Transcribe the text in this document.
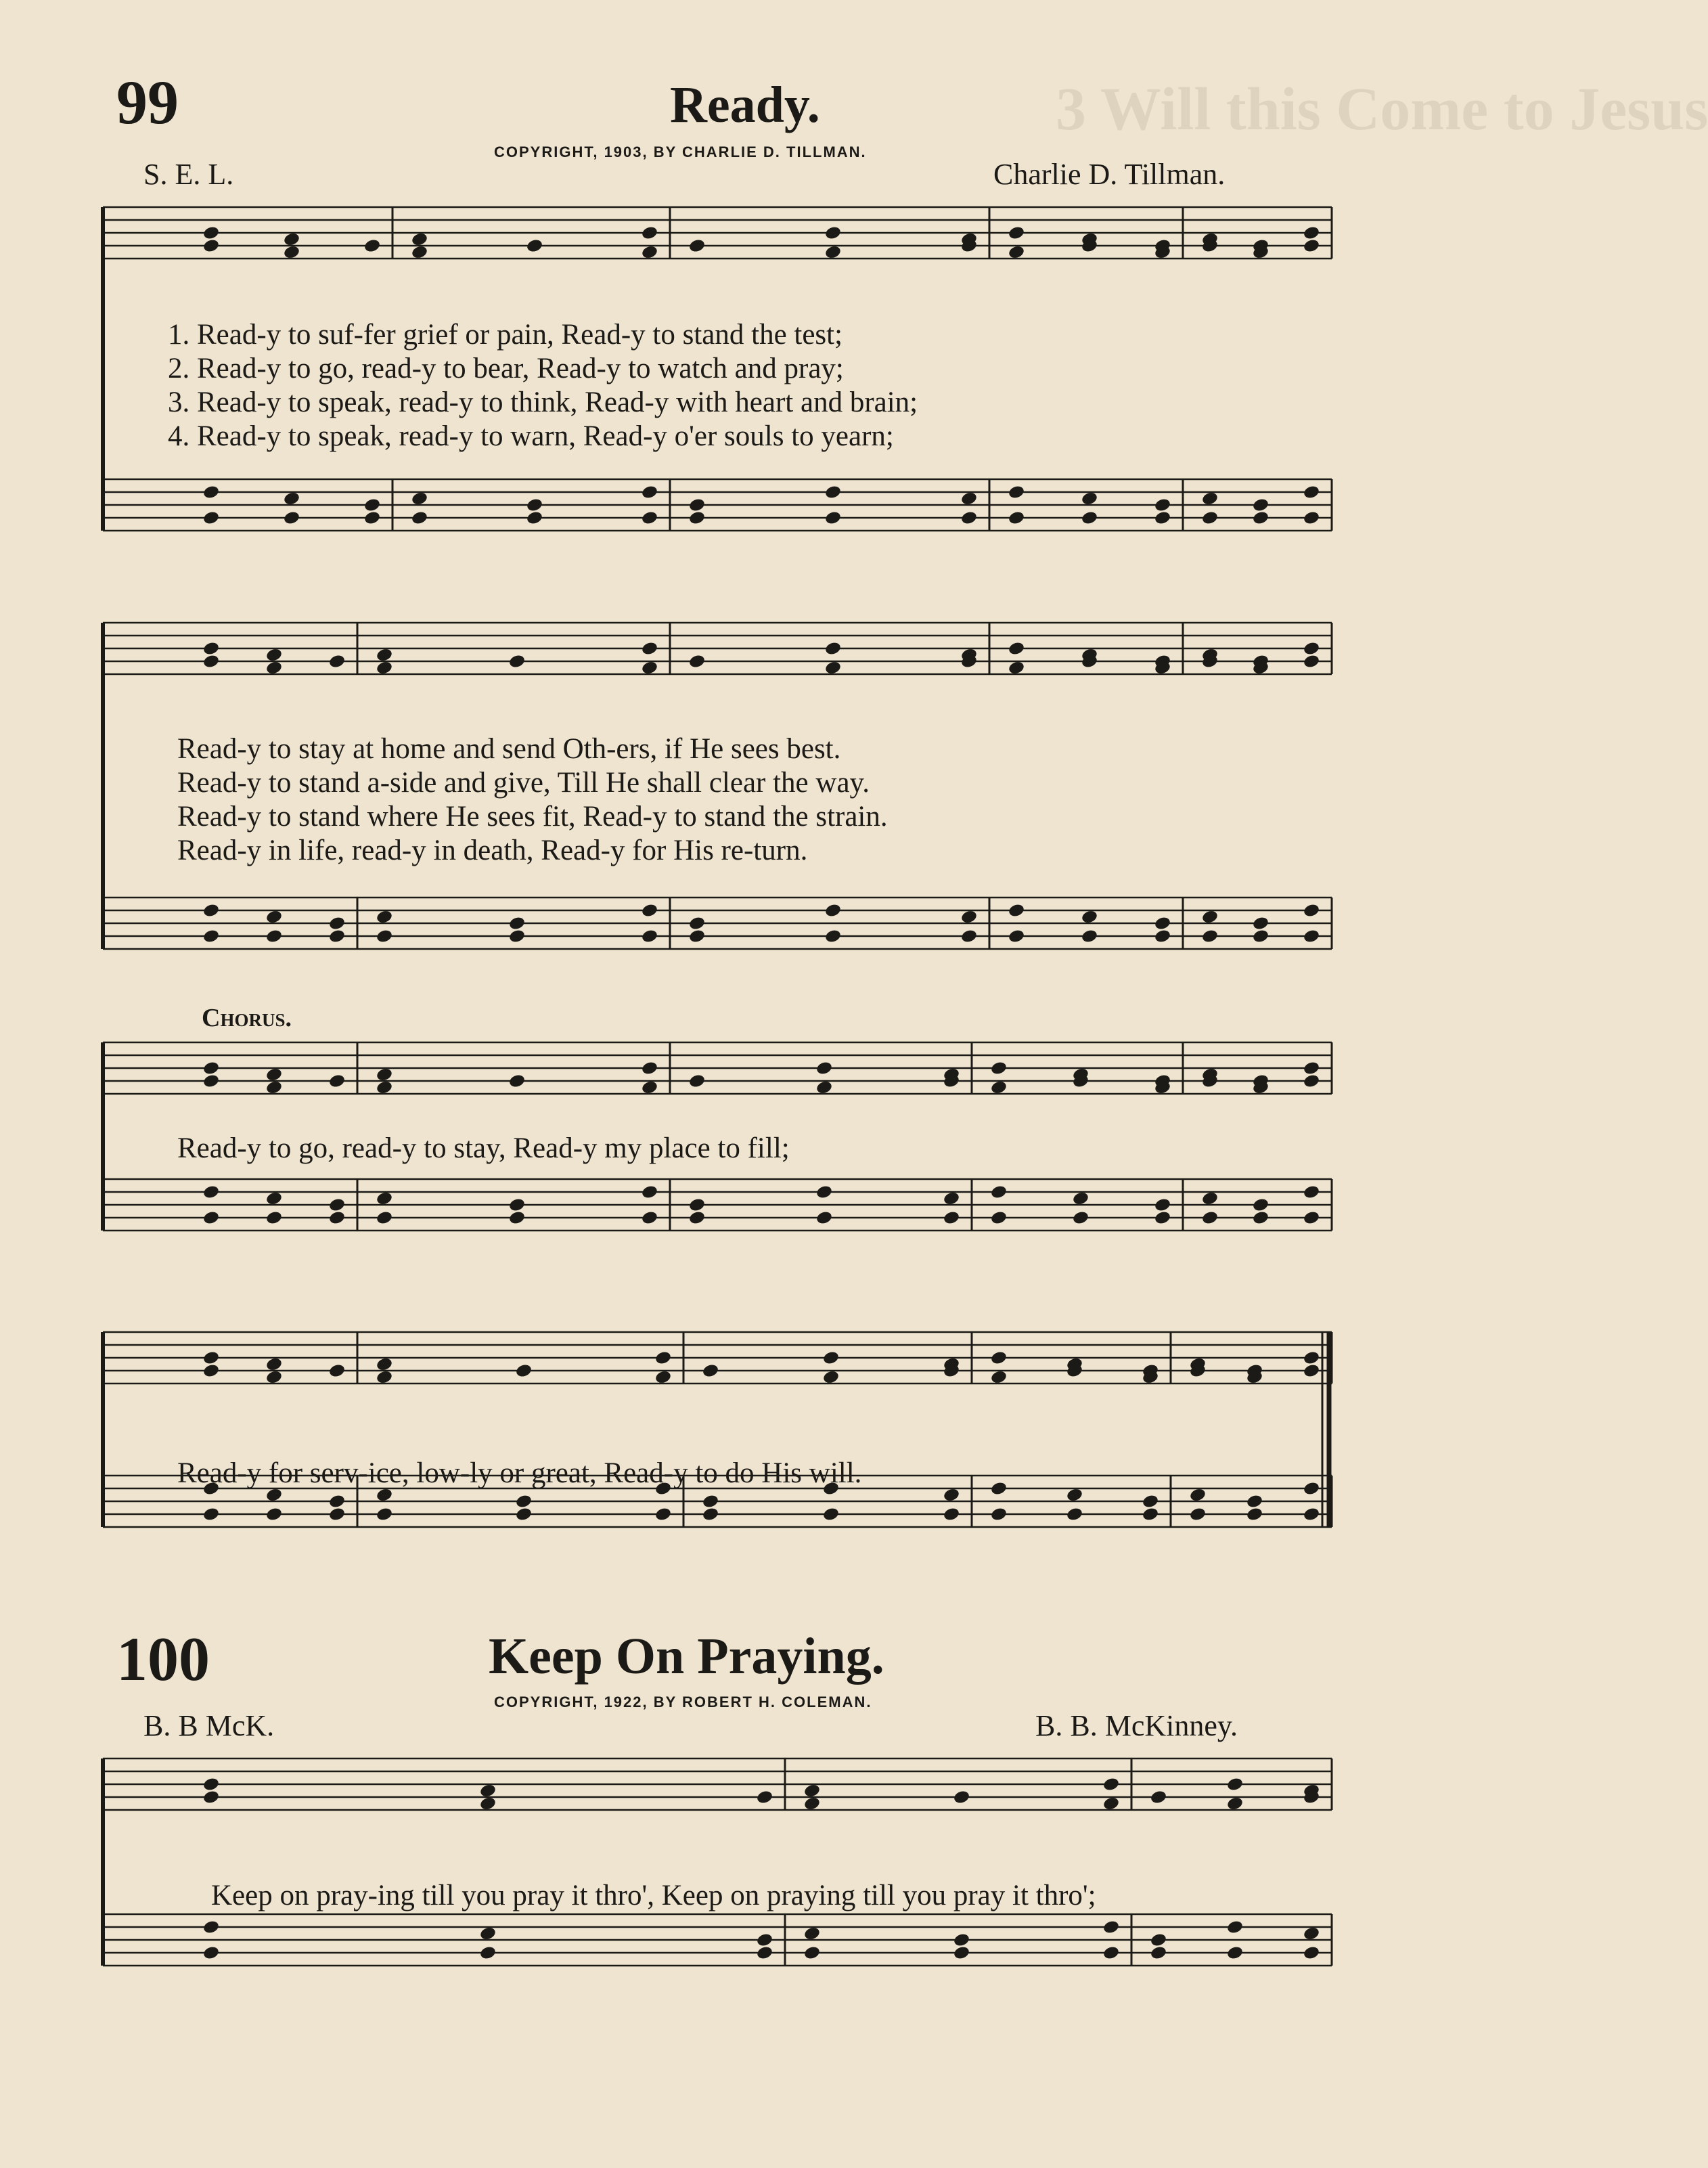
3 Will this Come to Jesus
99	Ready.
COPYRIGHT, 1903, BY CHARLIE D. TILLMAN.
S. E. L.	Charlie D. Tillman.
1. Read-y to suf-fer grief or pain, Read-y to stand the test;
2. Read-y to go, read-y to bear, Read-y to watch and pray;
3. Read-y to speak, read-y to think, Read-y with heart and brain;
4. Read-y to speak, read-y to warn, Read-y o'er souls to yearn;
Read-y to stay at home and send Oth-ers, if He sees best.
Read-y to stand a-side and give, Till He shall clear the way.
Read-y to stand where He sees fit, Read-y to stand the strain.
Read-y in life, read-y in death, Read-y for His re-turn.
Chorus.
Read-y to go, read-y to stay, Read-y my place to fill;
Read-y for serv-ice, low-ly or great, Read-y to do His will.
100	Keep On Praying.
COPYRIGHT, 1922, BY ROBERT H. COLEMAN.
B. B McK.	B. B. McKinney.
Keep on pray-ing till you pray it thro', Keep on praying till you pray it thro';
